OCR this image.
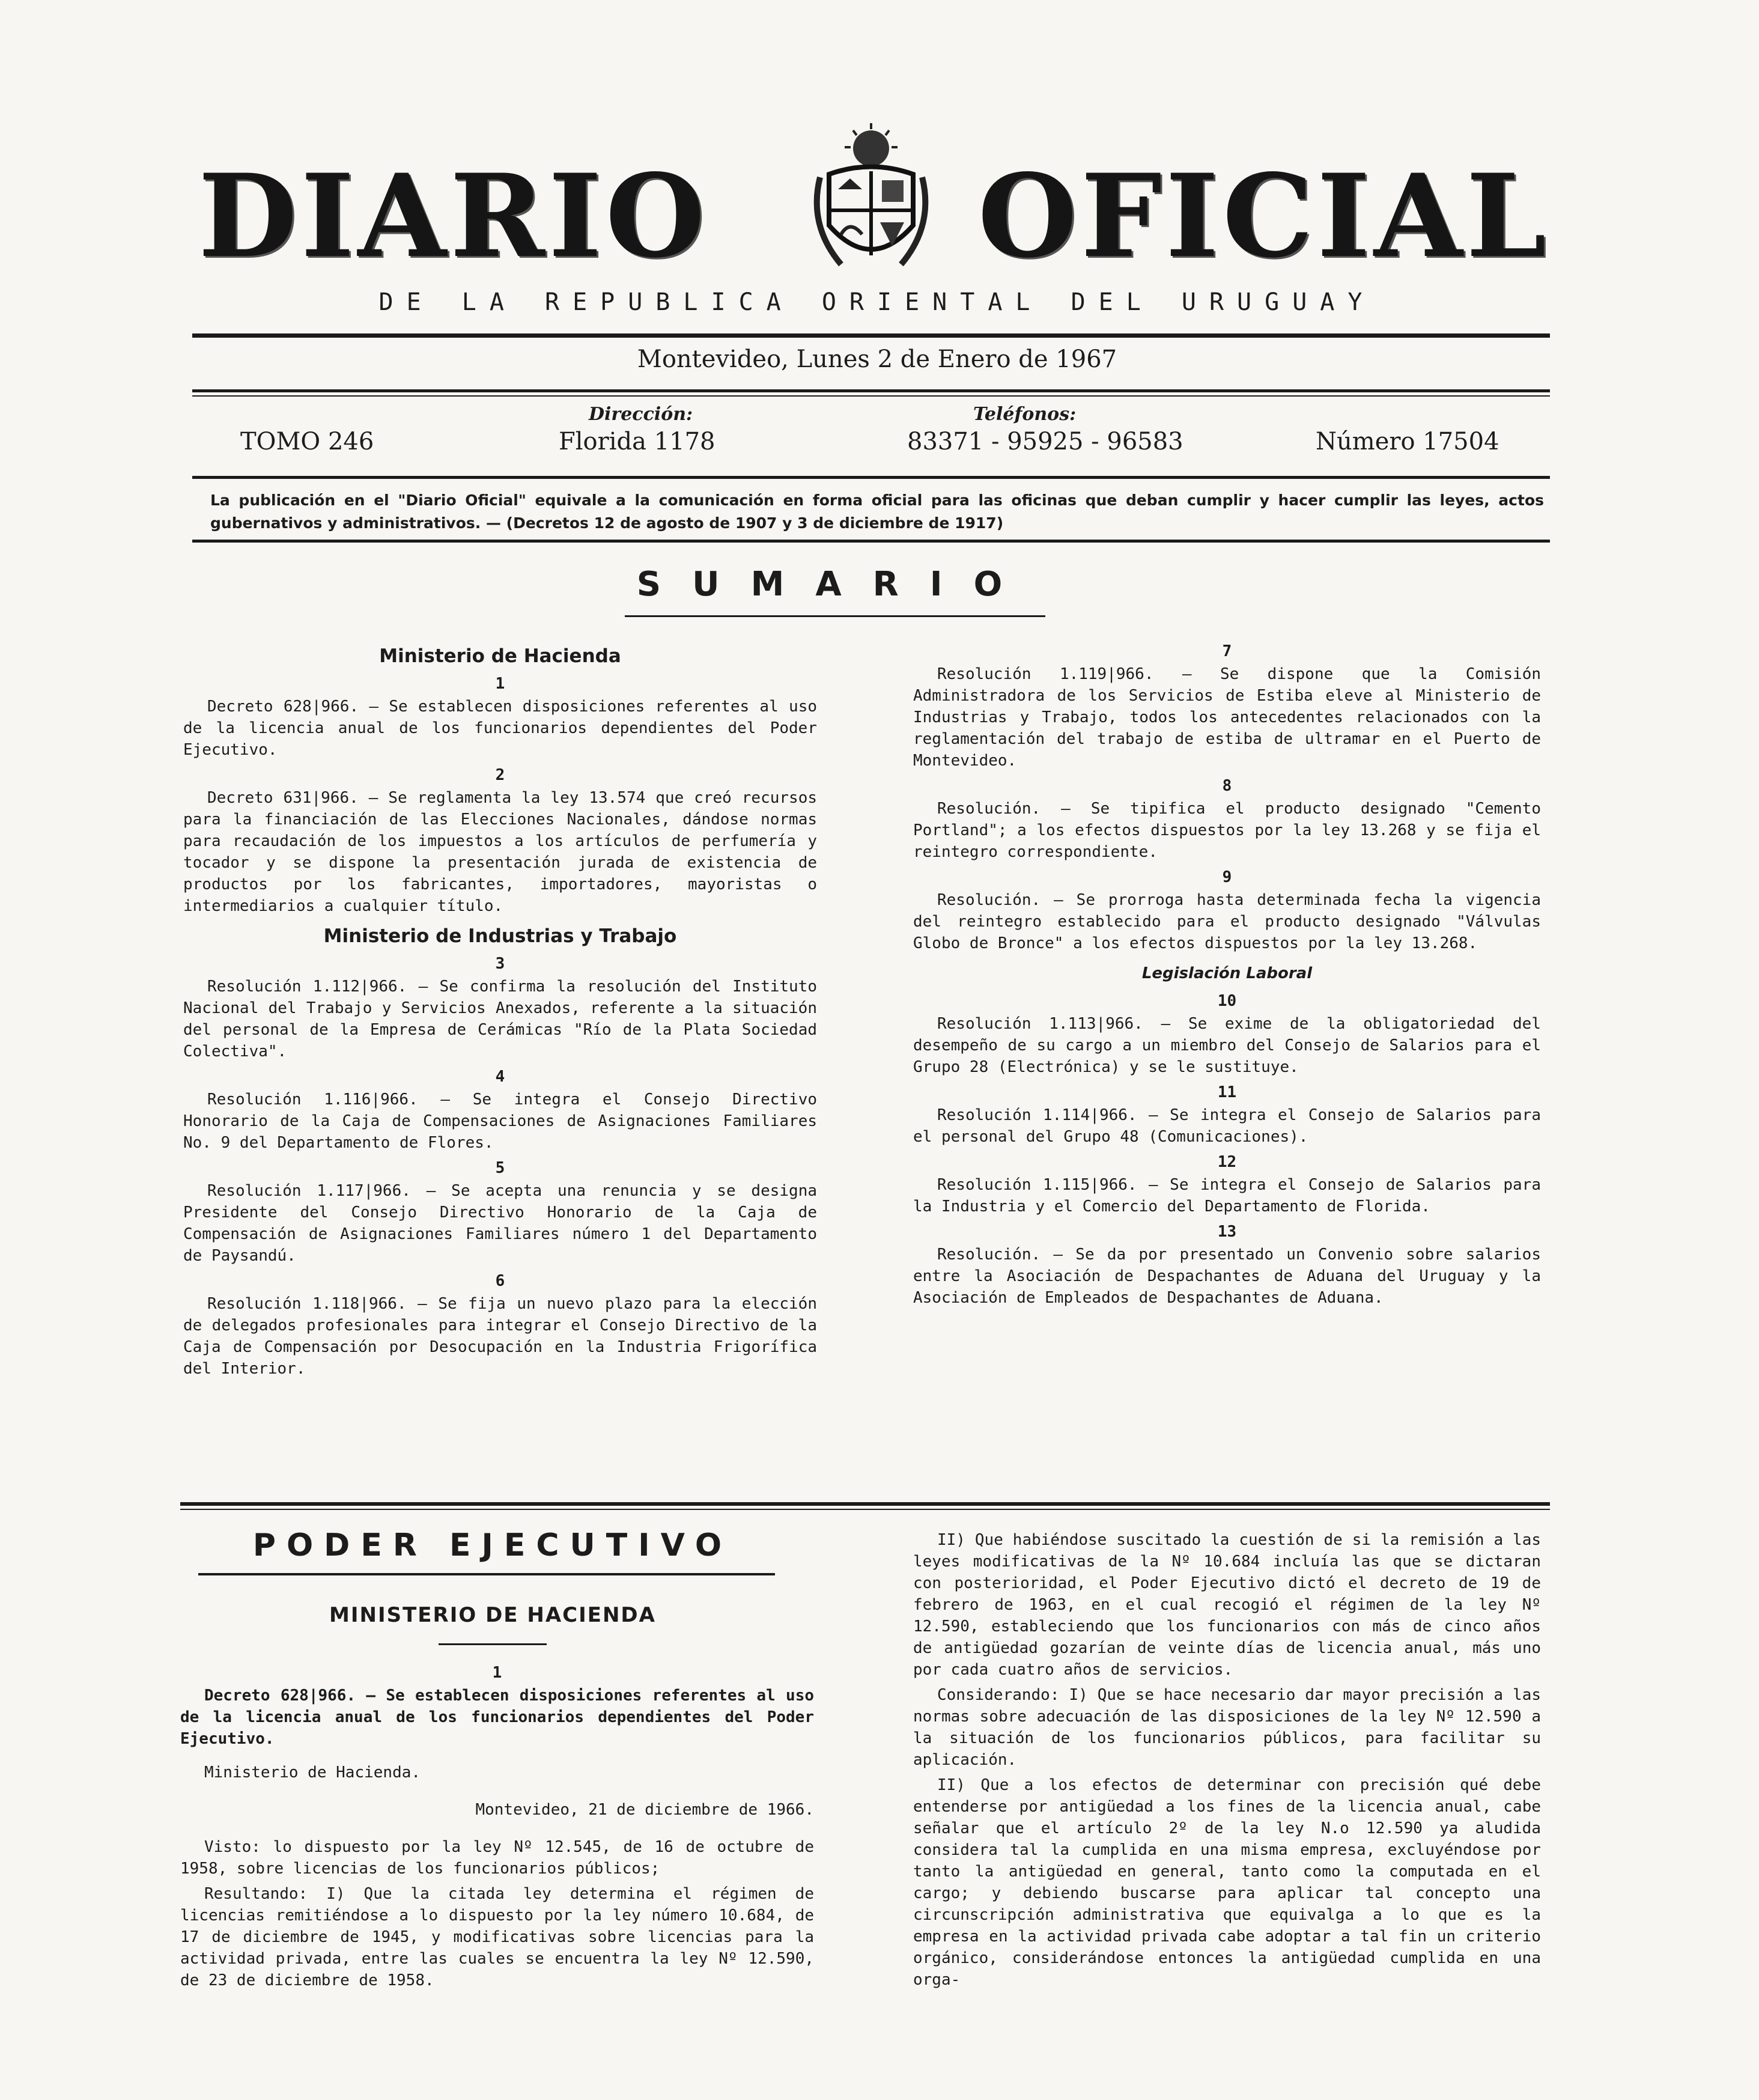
DIARIO OFICIAL
DE LA REPUBLICA ORIENTAL DEL URUGUAY
Montevideo, Lunes 2 de Enero de 1967
Dirección:	Teléfonos:
TOMO 246	Florida 1178	83371 - 95925 - 96583	Número 17504
La publicación en el "Diario Oficial" equivale a la comunicación en forma oficial para las oficinas que deban cumplir y hacer cumplir las leyes, actos gubernativos y administrativos. — (Decretos 12 de agosto de 1907 y 3 de diciembre de 1917)
SUMARIO
Ministerio de Hacienda

1

Decreto 628|966. — Se establecen disposiciones referentes al uso de la licencia anual de los funcionarios dependientes del Poder Ejecutivo.

2

Decreto 631|966. — Se reglamenta la ley 13.574 que creó recursos para la financiación de las Elecciones Nacionales, dándose normas para recaudación de los impuestos a los artículos de perfumería y tocador y se dispone la presentación jurada de existencia de productos por los fabricantes, importadores, mayoristas o intermediarios a cualquier título.

Ministerio de Industrias y Trabajo

3

Resolución 1.112|966. — Se confirma la resolución del Instituto Nacional del Trabajo y Servicios Anexados, referente a la situación del personal de la Empresa de Cerámicas "Río de la Plata Sociedad Colectiva".

4

Resolución 1.116|966. — Se integra el Consejo Directivo Honorario de la Caja de Compensaciones de Asignaciones Familiares No. 9 del Departamento de Flores.

5

Resolución 1.117|966. — Se acepta una renuncia y se designa Presidente del Consejo Directivo Honorario de la Caja de Compensación de Asignaciones Familiares número 1 del Departamento de Paysandú.

6

Resolución 1.118|966. — Se fija un nuevo plazo para la elección de delegados profesionales para integrar el Consejo Directivo de la Caja de Compensación por Desocupación en la Industria Frigorífica del Interior.

7

Resolución 1.119|966. — Se dispone que la Comisión Administradora de los Servicios de Estiba eleve al Ministerio de Industrias y Trabajo, todos los antecedentes relacionados con la reglamentación del trabajo de estiba de ultramar en el Puerto de Montevideo.

8

Resolución. — Se tipifica el producto designado "Cemento Portland"; a los efectos dispuestos por la ley 13.268 y se fija el reintegro correspondiente.

9

Resolución. — Se prorroga hasta determinada fecha la vigencia del reintegro establecido para el producto designado "Válvulas Globo de Bronce" a los efectos dispuestos por la ley 13.268.

Legislación Laboral

10

Resolución 1.113|966. — Se exime de la obligatoriedad del desempeño de su cargo a un miembro del Consejo de Salarios para el Grupo 28 (Electrónica) y se le sustituye.

11

Resolución 1.114|966. — Se integra el Consejo de Salarios para el personal del Grupo 48 (Comunicaciones).

12

Resolución 1.115|966. — Se integra el Consejo de Salarios para la Industria y el Comercio del Departamento de Florida.

13

Resolución. — Se da por presentado un Convenio sobre salarios entre la Asociación de Despachantes de Aduana del Uruguay y la Asociación de Empleados de Despachantes de Aduana.

PODER EJECUTIVO
MINISTERIO DE HACIENDA

1

Decreto 628|966. — Se establecen disposiciones referentes al uso de la licencia anual de los funcionarios dependientes del Poder Ejecutivo.

Ministerio de Hacienda.

Montevideo, 21 de diciembre de 1966.

Visto: lo dispuesto por la ley Nº 12.545, de 16 de octubre de 1958, sobre licencias de los funcionarios públicos;

Resultando: I) Que la citada ley determina el régimen de licencias remitiéndose a lo dispuesto por la ley número 10.684, de 17 de diciembre de 1945, y modificativas sobre licencias para la actividad privada, entre las cuales se encuentra la ley Nº 12.590, de 23 de diciembre de 1958.

II) Que habiéndose suscitado la cuestión de si la remisión a las leyes modificativas de la Nº 10.684 incluía las que se dictaran con posterioridad, el Poder Ejecutivo dictó el decreto de 19 de febrero de 1963, en el cual recogió el régimen de la ley Nº 12.590, estableciendo que los funcionarios con más de cinco años de antigüedad gozarían de veinte días de licencia anual, más uno por cada cuatro años de servicios.

Considerando: I) Que se hace necesario dar mayor precisión a las normas sobre adecuación de las disposiciones de la ley Nº 12.590 a la situación de los funcionarios públicos, para facilitar su aplicación.

II) Que a los efectos de determinar con precisión qué debe entenderse por antigüedad a los fines de la licencia anual, cabe señalar que el artículo 2º de la ley N.o 12.590 ya aludida considera tal la cumplida en una misma empresa, excluyéndose por tanto la antigüedad en general, tanto como la computada en el cargo; y debiendo buscarse para aplicar tal concepto una circunscripción administrativa que equivalga a lo que es la empresa en la actividad privada cabe adoptar a tal fin un criterio orgánico, considerándose entonces la antigüedad cumplida en una orga-
